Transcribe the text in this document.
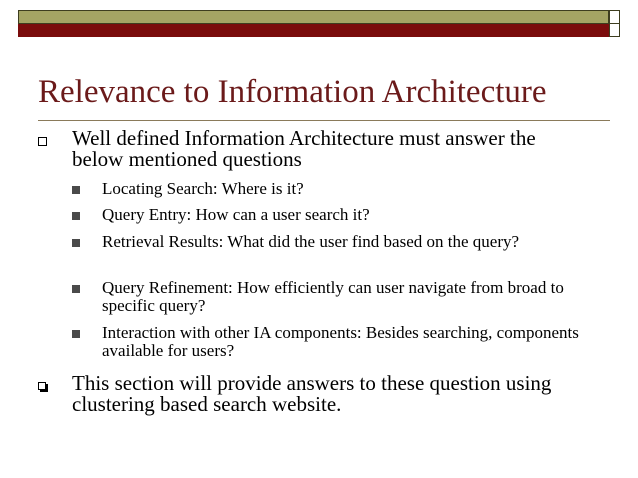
Relevance to Information Architecture
Well defined Information Architecture must answer the below mentioned questions
Locating Search: Where is it?
Query Entry: How can a user search it?
Retrieval Results: What did the user find based on the query?
Query Refinement: How efficiently can user navigate from broad to specific query?
Interaction with other IA components: Besides searching, components available for users?
This section will provide answers to these question using clustering based search website.
